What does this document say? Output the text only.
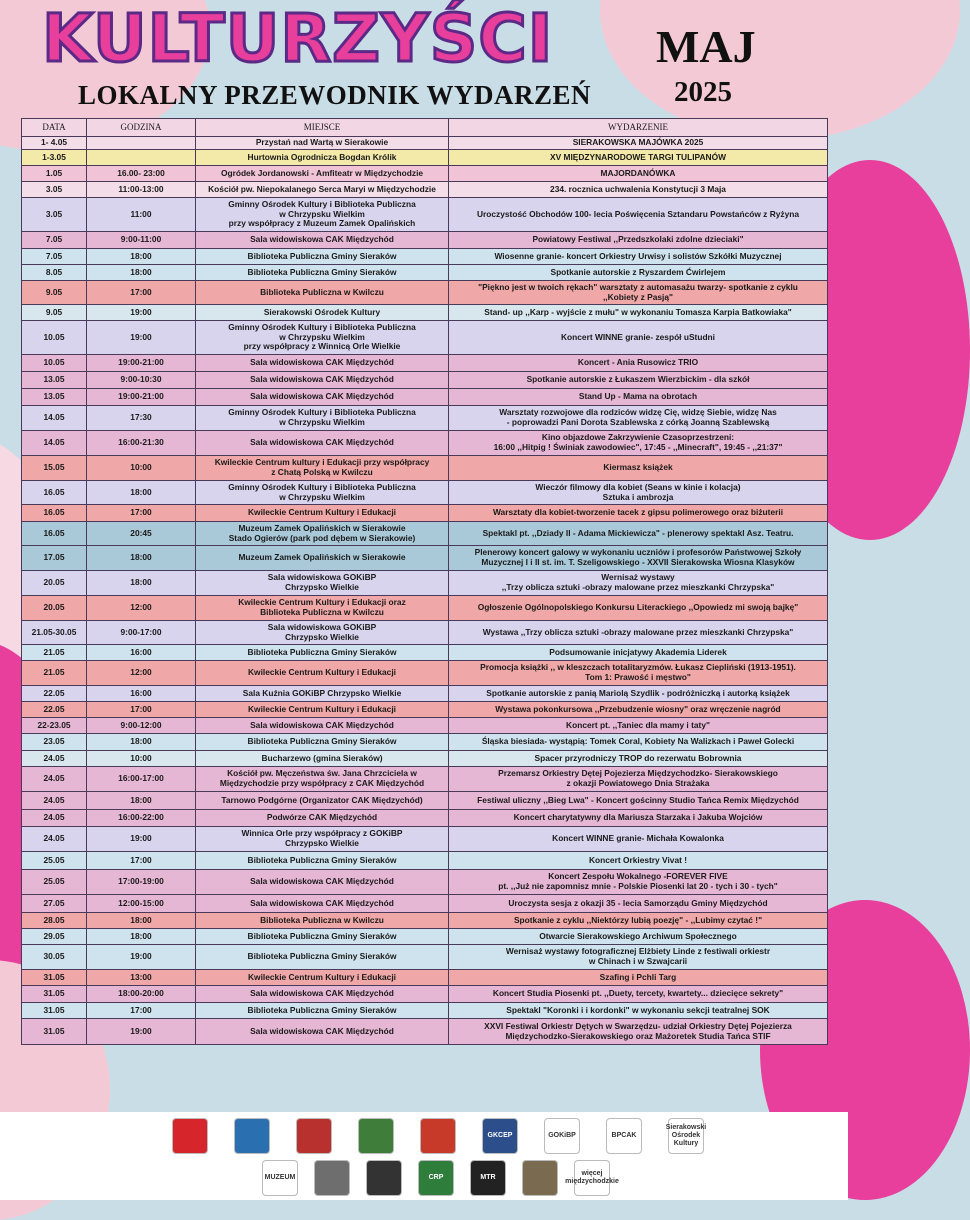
KULTURZYŚCI
LOKALNY PRZEWODNIK WYDARZEŃ
MAJ
2025
DATA	GODZINA	MIEJSCE	WYDARZENIE
1- 4.05		Przystań nad Wartą w Sierakowie	SIERAKOWSKA MAJÓWKA 2025
1-3.05		Hurtownia Ogrodnicza Bogdan Królik	XV MIĘDZYNARODOWE TARGI TULIPANÓW
1.05	16.00- 23:00	Ogródek Jordanowski - Amfiteatr w Międzychodzie	MAJORDANÓWKA
3.05	11:00-13:00	Kościół pw. Niepokalanego Serca Maryi w Międzychodzie	234. rocznica uchwalenia Konstytucji 3 Maja
3.05	11:00	Gminny Ośrodek Kultury i Biblioteka Publiczna
w Chrzypsku Wielkim
przy współpracy z Muzeum Zamek Opalińskich	Uroczystość Obchodów 100- lecia Poświęcenia Sztandaru Powstańców z Ryżyna
7.05	9:00-11:00	Sala widowiskowa CAK Międzychód	Powiatowy Festiwal ,,Przedszkolaki zdolne dzieciaki"
7.05	18:00	Biblioteka Publiczna Gminy Sieraków	Wiosenne granie- koncert Orkiestry Urwisy i solistów Szkółki Muzycznej
8.05	18:00	Biblioteka Publiczna Gminy Sieraków	Spotkanie autorskie z Ryszardem Ćwirlejem
9.05	17:00	Biblioteka Publiczna w Kwilczu	"Piękno jest w twoich rękach" warsztaty z automasażu twarzy- spotkanie z cyklu
,,Kobiety z Pasją"
9.05	19:00	Sierakowski Ośrodek Kultury	Stand- up ,,Karp - wyjście z mułu" w wykonaniu Tomasza Karpia Batkowiaka"
10.05	19:00	Gminny Ośrodek Kultury i Biblioteka Publiczna
w Chrzypsku Wielkim
przy współpracy z Winnicą Orle Wielkie	Koncert WINNE granie- zespół uStudni
10.05	19:00-21:00	Sala widowiskowa CAK Międzychód	Koncert - Ania Rusowicz TRIO
13.05	9:00-10:30	Sala widowiskowa CAK Międzychód	Spotkanie autorskie z Łukaszem Wierzbickim - dla szkół
13.05	19:00-21:00	Sala widowiskowa CAK Międzychód	Stand Up - Mama na obrotach
14.05	17:30	Gminny Ośrodek Kultury i Biblioteka Publiczna
w Chrzypsku Wielkim	Warsztaty rozwojowe dla rodziców widzę Cię, widzę Siebie, widzę Nas
- poprowadzi Pani Dorota Szablewska z córką Joanną Szablewską
14.05	16:00-21:30	Sala widowiskowa CAK Międzychód	Kino objazdowe Zakrzywienie Czasoprzestrzeni:
16:00 ,,Hitpig ! Świniak zawodowiec", 17:45 - ,,Minecraft", 19:45 - ,,21:37"
15.05	10:00	Kwileckie Centrum kultury i Edukacji przy współpracy
z Chatą Polską w Kwilczu	Kiermasz książek
16.05	18:00	Gminny Ośrodek Kultury i Biblioteka Publiczna
w Chrzypsku Wielkim	Wieczór filmowy dla kobiet (Seans w kinie i kolacja)
Sztuka i ambrozja
16.05	17:00	Kwileckie Centrum Kultury i Edukacji	Warsztaty dla kobiet-tworzenie tacek z gipsu polimerowego oraz biżuterii
16.05	20:45	Muzeum Zamek Opalińskich w Sierakowie
Stado Ogierów (park pod dębem w Sierakowie)	Spektakl pt. ,,Dziady II - Adama Mickiewicza" - plenerowy spektakl Asz. Teatru.
17.05	18:00	Muzeum Zamek Opalińskich w Sierakowie	Plenerowy koncert galowy w wykonaniu uczniów i profesorów Państwowej Szkoły
Muzycznej I i II st. im. T. Szeligowskiego - XXVII Sierakowska Wiosna Klasyków
20.05	18:00	Sala widowiskowa GOKiBP
Chrzypsko Wielkie	Wernisaż wystawy
,,Trzy oblicza sztuki -obrazy malowane przez mieszkanki Chrzypska"
20.05	12:00	Kwileckie Centrum Kultury i Edukacji oraz
Biblioteka Publiczna w Kwilczu	Ogłoszenie Ogólnopolskiego Konkursu Literackiego ,,Opowiedz mi swoją bajkę"
21.05-30.05	9:00-17:00	Sala widowiskowa GOKiBP
Chrzypsko Wielkie	Wystawa ,,Trzy oblicza sztuki -obrazy malowane przez mieszkanki Chrzypska"
21.05	16:00	Biblioteka Publiczna Gminy Sieraków	Podsumowanie inicjatywy Akademia Liderek
21.05	12:00	Kwileckie Centrum Kultury i Edukacji	Promocja książki ,, w kleszczach totalitaryzmów. Łukasz Ciepliński (1913-1951).
Tom 1: Prawość i męstwo"
22.05	16:00	Sala Kuźnia GOKiBP Chrzypsko Wielkie	Spotkanie autorskie z panią Mariolą Szydlik - podróżniczką i autorką książek
22.05	17:00	Kwileckie Centrum Kultury i Edukacji	Wystawa pokonkursowa ,,Przebudzenie wiosny" oraz wręczenie nagród
22-23.05	9:00-12:00	Sala widowiskowa CAK Międzychód	Koncert pt. ,,Taniec dla mamy i taty"
23.05	18:00	Biblioteka Publiczna Gminy Sieraków	Śląska biesiada- wystąpią: Tomek Coral, Kobiety Na Walizkach i Paweł Golecki
24.05	10:00	Bucharzewo (gmina Sieraków)	Spacer przyrodniczy TROP do rezerwatu Bobrownia
24.05	16:00-17:00	Kościół pw. Męczeństwa św. Jana Chrzciciela w
Międzychodzie przy współpracy z CAK Międzychód	Przemarsz Orkiestry Dętej Pojezierza Międzychodzko- Sierakowskiego
z okazji Powiatowego Dnia Strażaka
24.05	18:00	Tarnowo Podgórne (Organizator CAK Międzychód)	Festiwal uliczny ,,Bieg Lwa" - Koncert gościnny Studio Tańca Remix Międzychód
24.05	16:00-22:00	Podwórze CAK Międzychód	Koncert charytatywny dla Mariusza Starzaka i Jakuba Wojciów
24.05	19:00	Winnica Orle przy współpracy z GOKiBP
Chrzypsko Wielkie	Koncert WINNE granie- Michała Kowalonka
25.05	17:00	Biblioteka Publiczna Gminy Sieraków	Koncert Orkiestry Vivat !
25.05	17:00-19:00	Sala widowiskowa CAK Międzychód	Koncert Zespołu Wokalnego -FOREVER FIVE
pt. ,,Już nie zapomnisz mnie - Polskie Piosenki lat 20 - tych i 30 - tych"
27.05	12:00-15:00	Sala widowiskowa CAK Międzychód	Uroczysta sesja z okazji 35 - lecia Samorządu Gminy Międzychód
28.05	18:00	Biblioteka Publiczna w Kwilczu	Spotkanie z cyklu ,,Niektórzy lubią poezję" - ,,Lubimy czytać !"
29.05	18:00	Biblioteka Publiczna Gminy Sieraków	Otwarcie Sierakowskiego Archiwum Społecznego
30.05	19:00	Biblioteka Publiczna Gminy Sieraków	Wernisaż wystawy fotograficznej Elżbiety Linde z festiwali orkiestr
w Chinach i w Szwajcarii
31.05	13:00	Kwileckie Centrum Kultury i Edukacji	Szafing i Pchli Targ
31.05	18:00-20:00	Sala widowiskowa CAK Międzychód	Koncert Studia Piosenki pt. ,,Duety, tercety, kwartety... dziecięce sekrety"
31.05	17:00	Biblioteka Publiczna Gminy Sieraków	Spektakl "Koronki i i kordonki" w wykonaniu sekcji teatralnej SOK
31.05	19:00	Sala widowiskowa CAK Międzychód	XXVI Festiwal Orkiestr Dętych w Swarzędzu- udział Orkiestry Dętej Pojezierza
Międzychodzko-Sierakowskiego oraz Mażoretek Studia Tańca STIF
GKCEP	GOKiBP	BPCAK
Sierakowski Ośrodek Kultury
MUZEUM	CRP	MTR
więcej międzychodzkie
